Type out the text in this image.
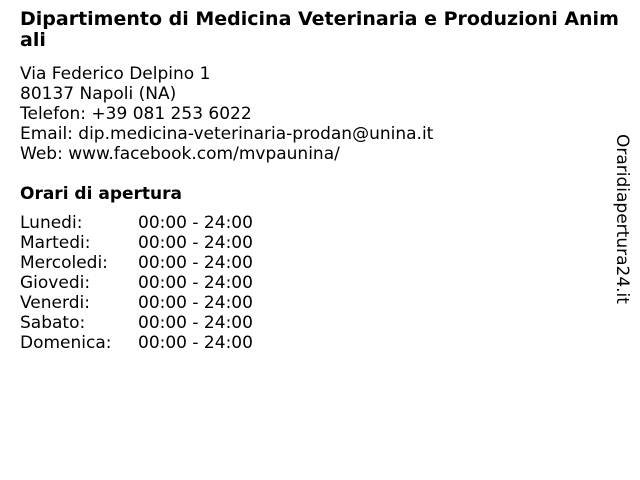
Dipartimento di Medicina Veterinaria e Produzioni Animali
Via Federico Delpino 1
80137 Napoli (NA)
Telefon: +39 081 253 6022
Email: dip.medicina-veterinaria-prodan@unina.it
Web: www.facebook.com/mvpaunina/
Orari di apertura
Lunedi:	00:00 - 24:00
Martedi:	00:00 - 24:00
Mercoledi: 00:00 - 24:00
Giovedi:	00:00 - 24:00
Venerdi:	00:00 - 24:00
Sabato:	00:00 - 24:00
Domenica: 00:00 - 24:00
Oraridiapertura24.it
